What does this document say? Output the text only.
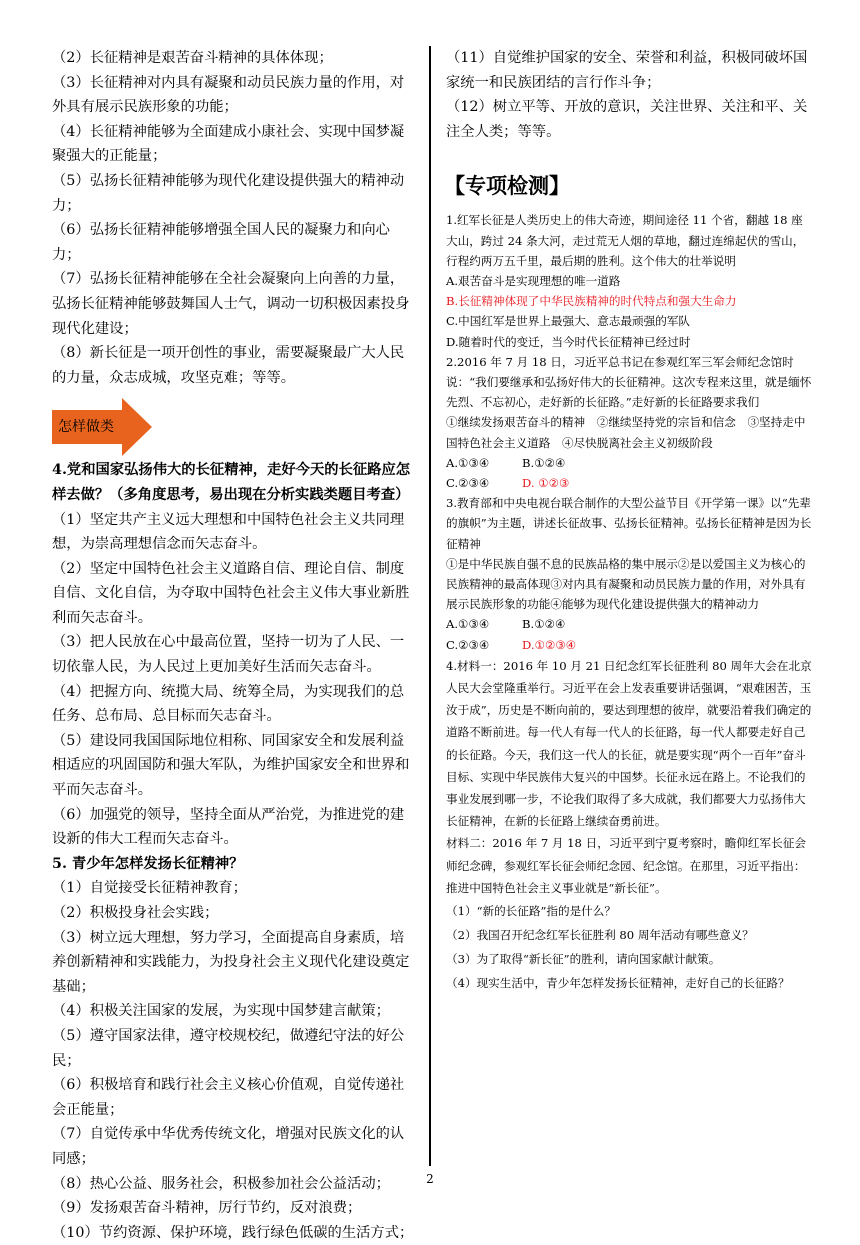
（2）长征精神是艰苦奋斗精神的具体体现；

（3）长征精神对内具有凝聚和动员民族力量的作用，对外具有展示民族形象的功能；

（4）长征精神能够为全面建成小康社会、实现中国梦凝聚强大的正能量；

（5）弘扬长征精神能够为现代化建设提供强大的精神动力；

（6）弘扬长征精神能够增强全国人民的凝聚力和向心力；

（7）弘扬长征精神能够在全社会凝聚向上向善的力量，弘扬长征精神能够鼓舞国人士气，调动一切积极因素投身现代化建设；

（8）新长征是一项开创性的事业，需要凝聚最广大人民的力量，众志成城，攻坚克难；等等。

怎样做类

4.党和国家弘扬伟大的长征精神，走好今天的长征路应怎样去做？（多角度思考，易出现在分析实践类题目考查）

（1）坚定共产主义远大理想和中国特色社会主义共同理想，为崇高理想信念而矢志奋斗。

（2）坚定中国特色社会主义道路自信、理论自信、制度自信、文化自信，为夺取中国特色社会主义伟大事业新胜利而矢志奋斗。

（3）把人民放在心中最高位置，坚持一切为了人民、一切依靠人民，为人民过上更加美好生活而矢志奋斗。

（4）把握方向、统揽大局、统筹全局，为实现我们的总任务、总布局、总目标而矢志奋斗。

（5）建设同我国国际地位相称、同国家安全和发展利益相适应的巩固国防和强大军队，为维护国家安全和世界和平而矢志奋斗。

（6）加强党的领导，坚持全面从严治党，为推进党的建设新的伟大工程而矢志奋斗。

5. 青少年怎样发扬长征精神？

（1）自觉接受长征精神教育；

（2）积极投身社会实践；

（3）树立远大理想，努力学习，全面提高自身素质，培养创新精神和实践能力，为投身社会主义现代化建设奠定基础；

（4）积极关注国家的发展，为实现中国梦建言献策；

（5）遵守国家法律，遵守校规校纪，做遵纪守法的好公民；

（6）积极培育和践行社会主义核心价值观，自觉传递社会正能量；

（7）自觉传承中华优秀传统文化，增强对民族文化的认同感；

（8）热心公益、服务社会，积极参加社会公益活动；

（9）发扬艰苦奋斗精神，厉行节约，反对浪费；

（10）节约资源、保护环境，践行绿色低碳的生活方式；

（11）自觉维护国家的安全、荣誉和利益，积极同破坏国家统一和民族团结的言行作斗争；

（12）树立平等、开放的意识，关注世界、关注和平、关注全人类；等等。

【专项检测】

1.红军长征是人类历史上的伟大奇迹，期间途径 11 个省，翻越 18 座大山，跨过 24 条大河，走过荒无人烟的草地，翻过连绵起伏的雪山，行程约两万五千里，最后期的胜利。这个伟大的壮举说明

A.艰苦奋斗是实现理想的唯一道路

B.长征精神体现了中华民族精神的时代特点和强大生命力

C.中国红军是世界上最强大、意志最顽强的军队

D.随着时代的变迁，当今时代长征精神已经过时

2.2016 年 7 月 18 日，习近平总书记在参观红军三军会师纪念馆时说：“我们要继承和弘扬好伟大的长征精神。这次专程来这里，就是缅怀先烈、不忘初心，走好新的长征路。”走好新的长征路要求我们

①继续发扬艰苦奋斗的精神　②继续坚持党的宗旨和信念　③坚持走中国特色社会主义道路　④尽快脱离社会主义初级阶段

A.①③④	B.①②④
C.②③④	D. ①②③

3.教育部和中央电视台联合制作的大型公益节目《开学第一课》以“先辈的旗帜”为主题，讲述长征故事、弘扬长征精神。弘扬长征精神是因为长征精神

①是中华民族自强不息的民族品格的集中展示②是以爱国主义为核心的民族精神的最高体现③对内具有凝聚和动员民族力量的作用，对外具有展示民族形象的功能④能够为现代化建设提供强大的精神动力

A.①③④	B.①②④
C.②③④	D.①②③④

4.材料一：2016 年 10 月 21 日纪念红军长征胜利 80 周年大会在北京人民大会堂隆重举行。习近平在会上发表重要讲话强调，“艰难困苦，玉汝于成”，历史是不断向前的，要达到理想的彼岸，就要沿着我们确定的道路不断前进。每一代人有每一代人的长征路，每一代人都要走好自己的长征路。今天，我们这一代人的长征，就是要实现“两个一百年”奋斗目标、实现中华民族伟大复兴的中国梦。长征永远在路上。不论我们的事业发展到哪一步，不论我们取得了多大成就，我们都要大力弘扬伟大长征精神，在新的长征路上继续奋勇前进。

材料二：2016 年 7 月 18 日，习近平到宁夏考察时，瞻仰红军长征会师纪念碑，参观红军长征会师纪念园、纪念馆。在那里，习近平指出：推进中国特色社会主义事业就是“新长征”。

（1）“新的长征路”指的是什么？

（2）我国召开纪念红军长征胜利 80 周年活动有哪些意义？

（3）为了取得“新长征”的胜利，请向国家献计献策。

（4）现实生活中，青少年怎样发扬长征精神，走好自己的长征路？

2
